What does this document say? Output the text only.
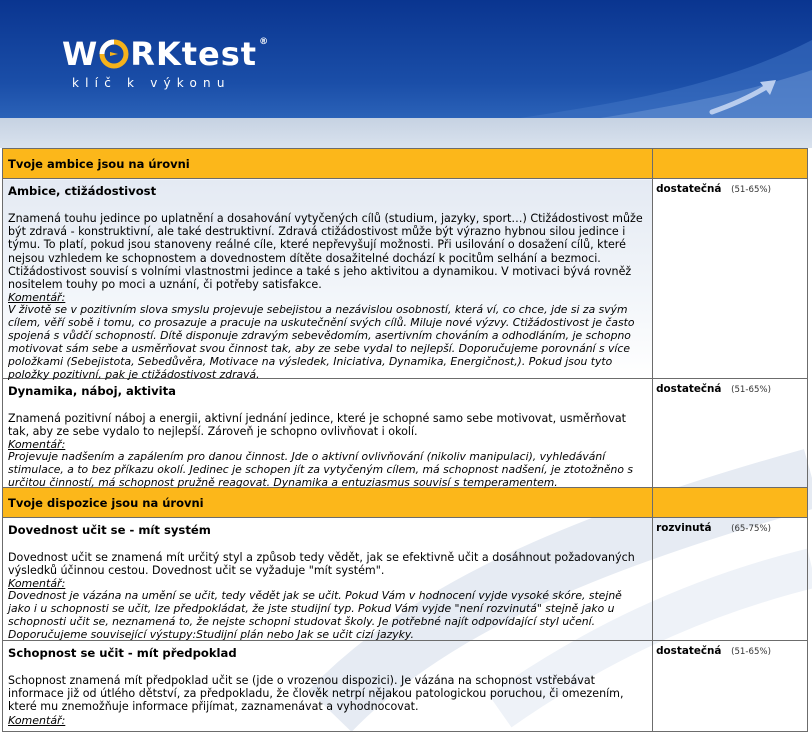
W RKtest ®
klíč k výkonu
Tvoje ambice jsou na úrovni	

Ambice, ctižádostivost
Znamená touhu jedince po uplatnění a dosahování vytyčených cílů (studium, jazyky, sport…) Ctižádostivost může být zdravá - konstruktivní, ale také destruktivní. Zdravá ctižádostivost může být výrazno hybnou silou jedince i týmu. To platí, pokud jsou stanoveny reálné cíle, které nepřevyšují možnosti. Při usilování o dosažení cílů, které nejsou vzhledem ke schopnostem a dovednostem dítěte dosažitelné dochází k pocitům selhání a bezmoci. Ctižádostivost souvisí s volními vlastnostmi jedince a také s jeho aktivitou a dynamikou. V motivaci bývá rovněž nositelem touhy po moci a uznání, či potřeby satisfakce.
Komentář:
V životě se v pozitivním slova smyslu projevuje sebejistou a nezávislou osobností, která ví, co chce, jde si za svým cílem, věří sobě i tomu, co prosazuje a pracuje na uskutečnění svých cílů. Miluje nové výzvy. Ctižádostivost je často spojená s vůdčí schopností. Dítě disponuje zdravým sebevědomím, asertivním chováním a odhodláním, je schopno motivovat sám sebe a usměrňovat svou činnost tak, aby ze sebe vydal to nejlepší. Doporučujeme porovnání s více položkami (Sebejistota, Sebedůvěra, Motivace na výsledek, Iniciativa, Dynamika, Energičnost,). Pokud jsou tyto položky pozitivní, pak je ctižádostivost zdravá.	dostatečná (51-65%)

Dynamika, náboj, aktivita
Znamená pozitivní náboj a energii, aktivní jednání jedince, které je schopné samo sebe motivovat, usměrňovat tak, aby ze sebe vydalo to nejlepší. Zároveň je schopno ovlivňovat i okolí.
Komentář:
Projevuje nadšením a zapálením pro danou činnost. Jde o aktivní ovlivňování (nikoliv manipulaci), vyhledávání stimulace, a to bez příkazu okolí. Jedinec je schopen jít za vytyčeným cílem, má schopnost nadšení, je ztotožněno s určitou činností, má schopnost pružně reagovat. Dynamika a entuziasmus souvisí s temperamentem.	dostatečná (51-65%)
Tvoje dispozice jsou na úrovni	

Dovednost učit se - mít systém
Dovednost učit se znamená mít určitý styl a způsob tedy vědět, jak se efektivně učit a dosáhnout požadovaných výsledků účinnou cestou. Dovednost učit se vyžaduje "mít systém".
Komentář:
Dovednost je vázána na umění se učit, tedy vědět jak se učit. Pokud Vám v hodnocení vyjde vysoké skóre, stejně jako i u schopnosti se učit, lze předpokládat, že jste studijní typ. Pokud Vám vyjde "není rozvinutá" stejně jako u schopnosti učit se, neznamená to, že nejste schopni studovat školy. Je potřebné najít odpovídající styl učení. Doporučujeme související výstupy:Studijní plán nebo Jak se učit cizí jazyky.	rozvinutá (65-75%)

Schopnost se učit - mít předpoklad
Schopnost znamená mít předpoklad učit se (jde o vrozenou dispozici). Je vázána na schopnost vstřebávat informace již od útlého dětství, za předpokladu, že člověk netrpí nějakou patologickou poruchou, či omezením, které mu znemožňuje informace přijímat, zaznamenávat a vyhodnocovat.
Komentář:	dostatečná (51-65%)
